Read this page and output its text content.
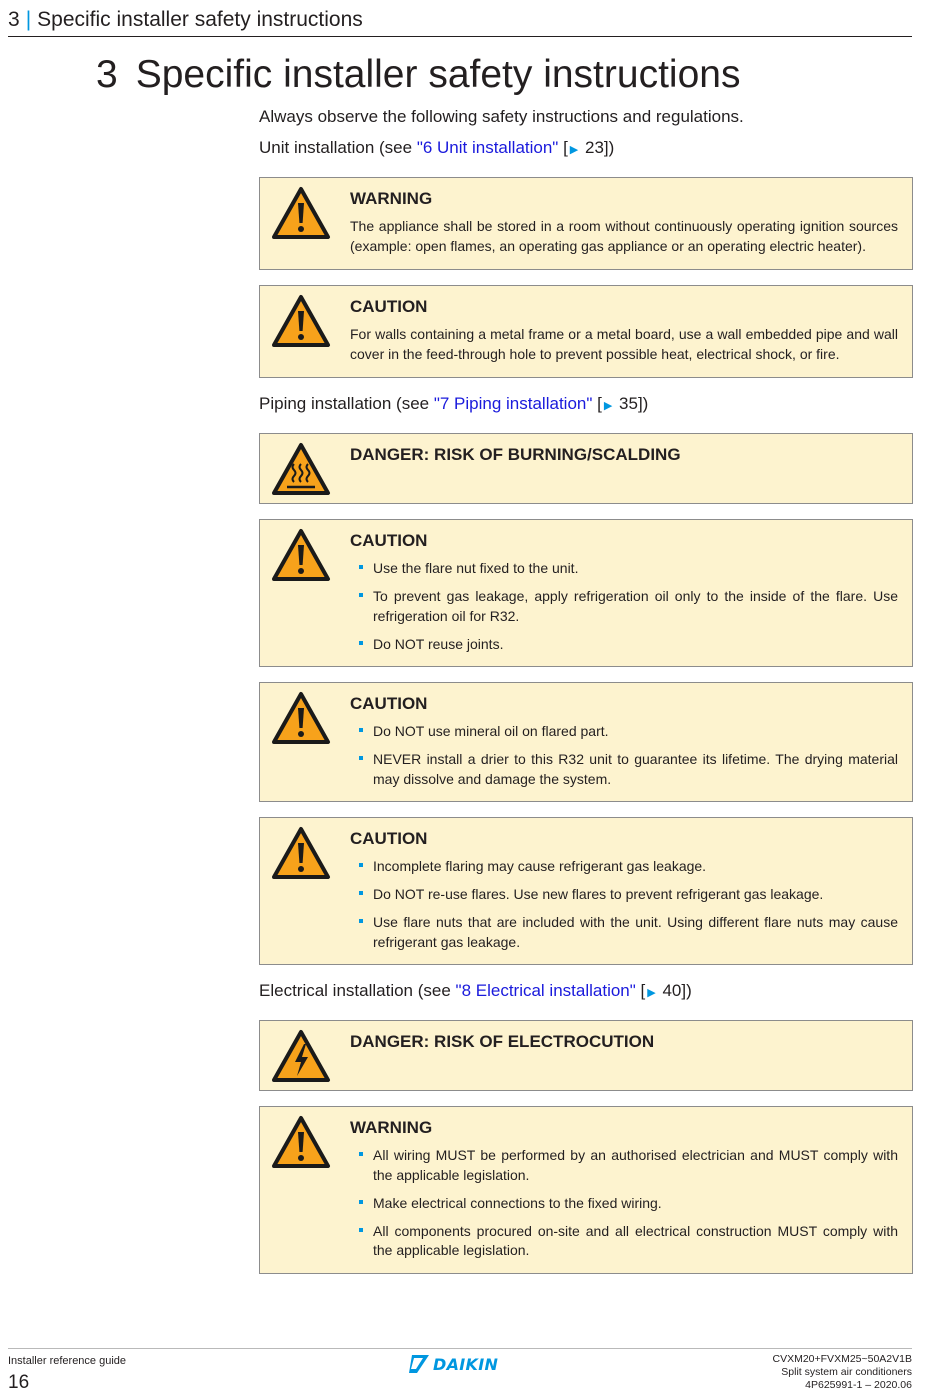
3 | Specific installer safety instructions
3 Specific installer safety instructions

Always observe the following safety instructions and regulations.

Unit installation (see "6 Unit installation" [ ▶ 23])

WARNING

The appliance shall be stored in a room without continuously operating ignition sources (example: open flames, an operating gas appliance or an operating electric heater).

CAUTION

For walls containing a metal frame or a metal board, use a wall embedded pipe and wall cover in the feed-through hole to prevent possible heat, electrical shock, or fire.

Piping installation (see "7 Piping installation" [ ▶ 35])

DANGER: RISK OF BURNING/SCALDING
CAUTION
Use the flare nut fixed to the unit.
To prevent gas leakage, apply refrigeration oil only to the inside of the flare. Use refrigeration oil for R32.
Do NOT reuse joints.
CAUTION
Do NOT use mineral oil on flared part.
NEVER install a drier to this R32 unit to guarantee its lifetime. The drying material may dissolve and damage the system.
CAUTION
Incomplete flaring may cause refrigerant gas leakage.
Do NOT re-use flares. Use new flares to prevent refrigerant gas leakage.
Use flare nuts that are included with the unit. Using different flare nuts may cause refrigerant gas leakage.

Electrical installation (see "8 Electrical installation" [ ▶ 40])

DANGER: RISK OF ELECTROCUTION
WARNING
All wiring MUST be performed by an authorised electrician and MUST comply with the applicable legislation.
Make electrical connections to the fixed wiring.
All components procured on-site and all electrical construction MUST comply with the applicable legislation.
Installer reference guide
16
DAIKIN	CVXM20+FVXM25~50A2V1B
Split system air conditioners
4P625991-1 – 2020.06
